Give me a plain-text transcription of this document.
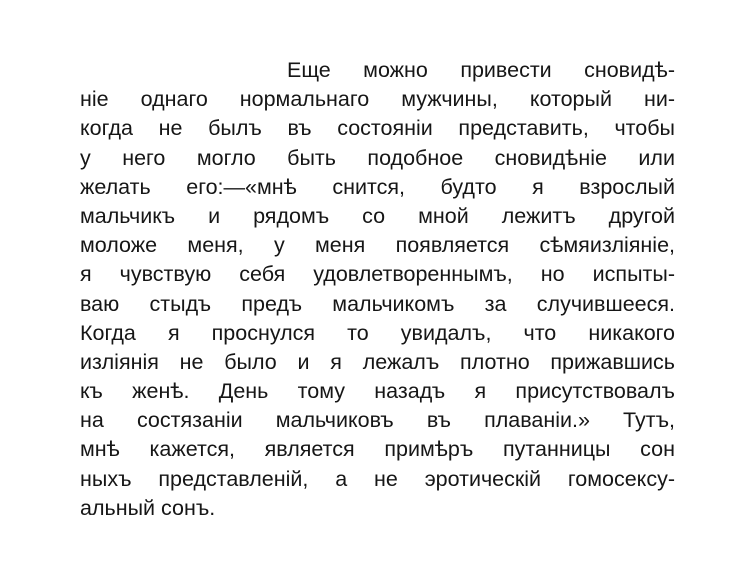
Еще можно привести сновидѣ-
ніе однаго нормальнаго мужчины, который ни-
когда не былъ въ состояніи представить, чтобы
у него могло быть подобное сновидѣніе или
желать его:—«мнѣ снится, будто я взрослый
мальчикъ и рядомъ со мной лежитъ другой
моложе меня, у меня появляется сѣмяизліяніе,
я чувствую себя удовлетвореннымъ, но испыты-
ваю стыдъ предъ мальчикомъ за случившееся.
Когда я проснулся то увидалъ, что никакого
изліянія не было и я лежалъ плотно прижавшись
къ женѣ. День тому назадъ я присутствовалъ
на состязаніи мальчиковъ въ плаваніи.» Тутъ,
мнѣ кажется, является примѣръ путанницы сон
ныхъ представленій, а не эротическій гомосексу-
альный сонъ.
